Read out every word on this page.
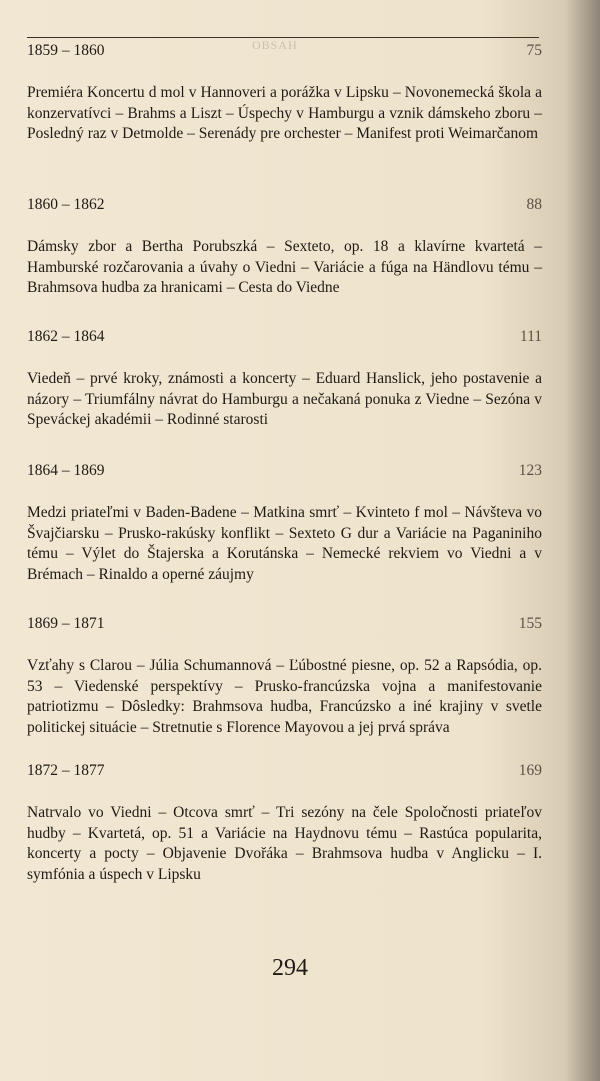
OBSAH
1859 – 1860	75
Premiéra Koncertu d mol v Hannoveri a porážka v Lipsku – Novonemecká škola a konzervatívci – Brahms a Liszt – Úspechy v Hamburgu a vznik dámskeho zboru – Posledný raz v Detmolde – Serenády pre orchester – Manifest proti Weimarčanom
1860 – 1862	88
Dámsky zbor a Bertha Porubszká – Sexteto, op. 18 a klavírne kvartetá – Hamburské rozčarovania a úvahy o Viedni – Variácie a fúga na Händlovu tému – Brahmsova hudba za hranicami – Cesta do Viedne
1862 – 1864	111
Viedeň – prvé kroky, známosti a koncerty – Eduard Hanslick, jeho postavenie a názory – Triumfálny návrat do Hamburgu a nečakaná ponuka z Viedne – Sezóna v Speváckej akadémii – Rodinné starosti
1864 – 1869	123
Medzi priateľmi v Baden-Badene – Matkina smrť – Kvinteto f mol – Návšteva vo Švajčiarsku – Prusko-rakúsky konflikt – Sexteto G dur a Variácie na Paganiniho tému – Výlet do Štajerska a Korutánska – Nemecké rekviem vo Viedni a v Brémach – Rinaldo a operné záujmy
1869 – 1871	155
Vzťahy s Clarou – Júlia Schumannová – Ľúbostné piesne, op. 52 a Rapsódia, op. 53 – Viedenské perspektívy – Prusko-francúzska vojna a manifestovanie patriotizmu – Dôsledky: Brahmsova hudba, Francúzsko a iné krajiny v svetle politickej situácie – Stretnutie s Florence Mayovou a jej prvá správa
1872 – 1877	169
Natrvalo vo Viedni – Otcova smrť – Tri sezóny na čele Spoločnosti priateľov hudby – Kvartetá, op. 51 a Variácie na Haydnovu tému – Rastúca popularita, koncerty a pocty – Objavenie Dvořáka – Brahmsova hudba v Anglicku – I. symfónia a úspech v Lipsku
294
